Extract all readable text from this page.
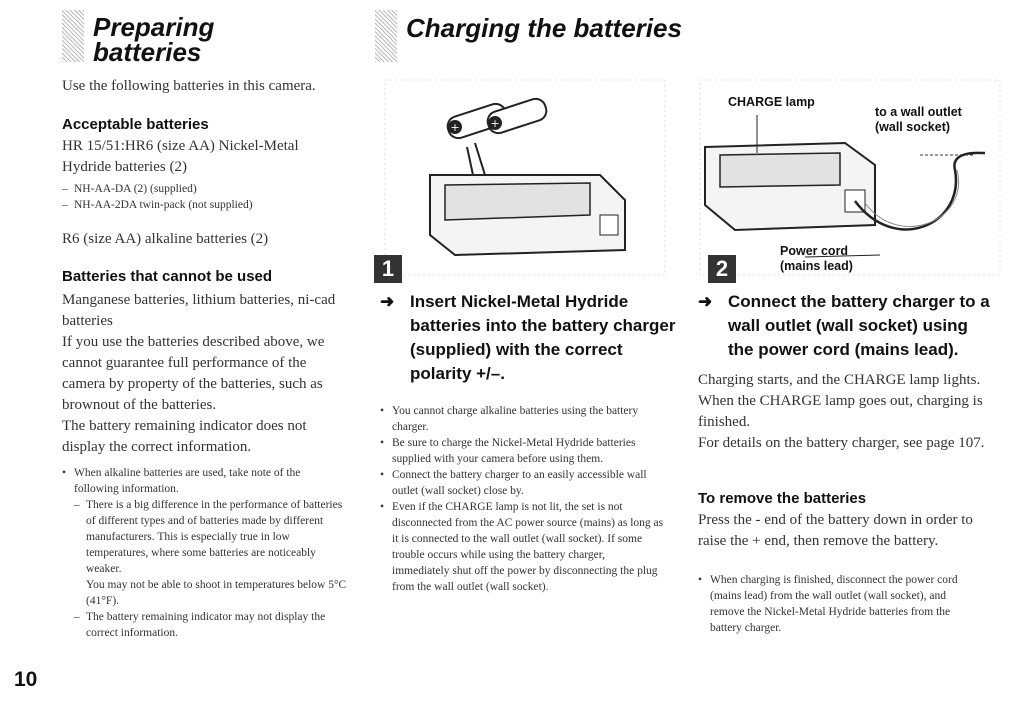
Preparing
batteries
Use the following batteries in this camera.
Acceptable batteries
HR 15/51:HR6 (size AA) Nickel-Metal Hydride batteries (2)
– NH-AA-DA (2) (supplied)
– NH-AA-2DA twin-pack (not supplied)
R6 (size AA) alkaline batteries (2)
Batteries that cannot be used
Manganese batteries, lithium batteries, ni-cad batteries
If you use the batteries described above, we cannot guarantee full performance of the camera by property of the batteries, such as brownout of the batteries.
The battery remaining indicator does not display the correct information.
• When alkaline batteries are used, take note of the following information.
– There is a big difference in the performance of batteries of different types and of batteries made by different manufacturers. This is especially true in low temperatures, where some batteries are noticeably weaker.
You may not be able to shoot in temperatures below 5°C (41°F).
– The battery remaining indicator may not display the correct information.
10
Charging the batteries
+	+
1
➜ Insert Nickel-Metal Hydride batteries into the battery charger (supplied) with the correct polarity +/–.
• You cannot charge alkaline batteries using the battery charger.
• Be sure to charge the Nickel-Metal Hydride batteries supplied with your camera before using them.
• Connect the battery charger to an easily accessible wall outlet (wall socket) close by.
• Even if the CHARGE lamp is not lit, the set is not disconnected from the AC power source (mains) as long as it is connected to the wall outlet (wall socket). If some trouble occurs while using the battery charger, immediately shut off the power by disconnecting the plug from the wall outlet (wall socket).
CHARGE lamp
to a wall outlet
(wall socket)
Power cord
(mains lead)
2
➜ Connect the battery charger to a wall outlet (wall socket) using the power cord (mains lead).
Charging starts, and the CHARGE lamp lights. When the CHARGE lamp goes out, charging is finished.
For details on the battery charger, see page 107.
To remove the batteries
Press the - end of the battery down in order to raise the + end, then remove the battery.
• When charging is finished, disconnect the power cord (mains lead) from the wall outlet (wall socket), and remove the Nickel-Metal Hydride batteries from the battery charger.
